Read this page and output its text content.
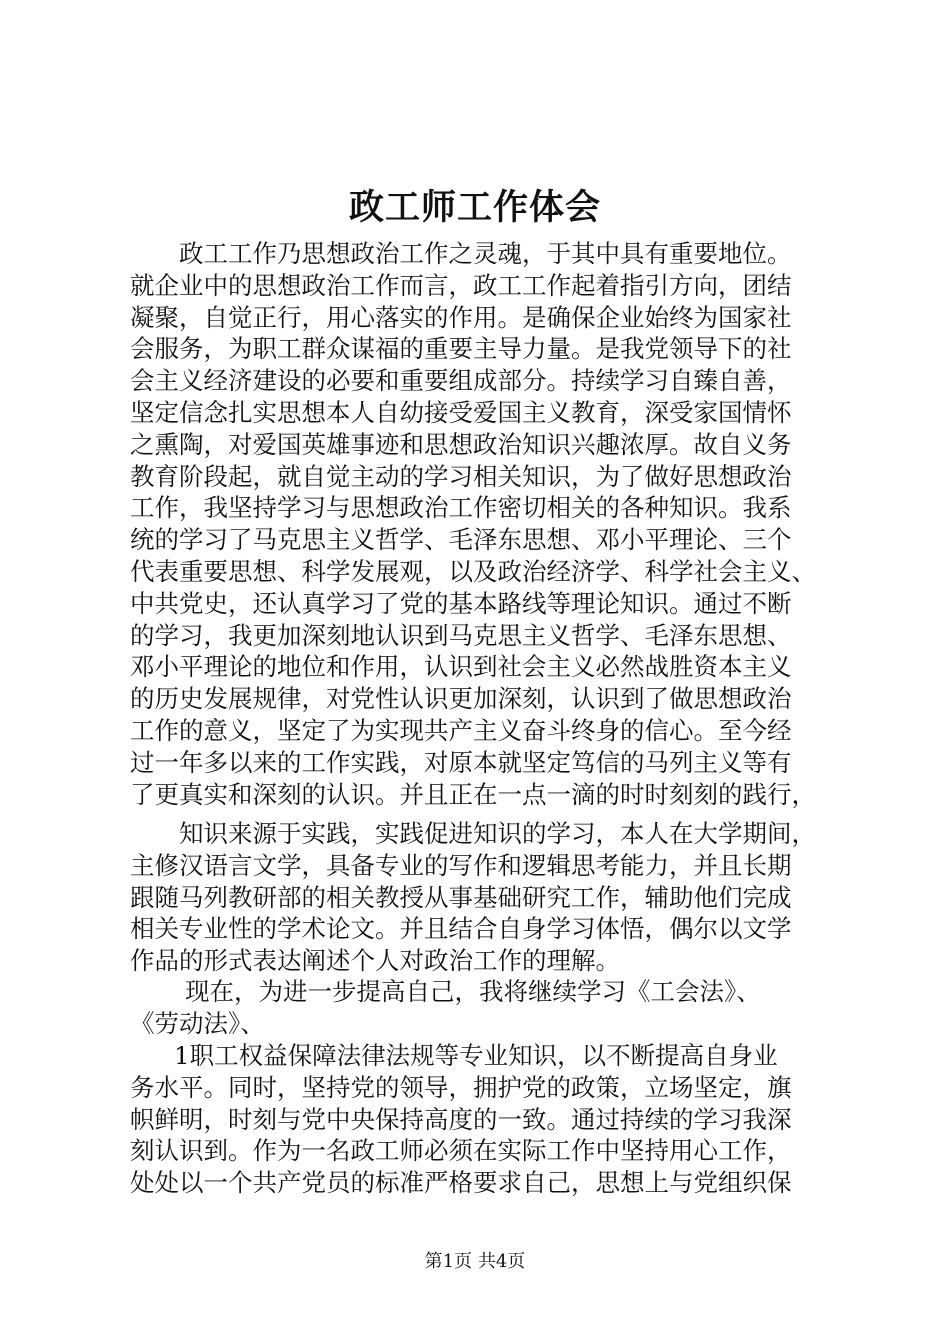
政工师工作体会
政工工作乃思想政治工作之灵魂，于其中具有重要地位。
就企业中的思想政治工作而言，政工工作起着指引方向，团结
凝聚，自觉正行，用心落实的作用。是确保企业始终为国家社
会服务，为职工群众谋福的重要主导力量。是我党领导下的社
会主义经济建设的必要和重要组成部分。持续学习自臻自善，
坚定信念扎实思想本人自幼接受爱国主义教育，深受家国情怀
之熏陶，对爱国英雄事迹和思想政治知识兴趣浓厚。故自义务
教育阶段起，就自觉主动的学习相关知识，为了做好思想政治
工作，我坚持学习与思想政治工作密切相关的各种知识。我系
统的学习了马克思主义哲学、毛泽东思想、邓小平理论、三个
代表重要思想、科学发展观，以及政治经济学、科学社会主义、
中共党史，还认真学习了党的基本路线等理论知识。通过不断
的学习，我更加深刻地认识到马克思主义哲学、毛泽东思想、
邓小平理论的地位和作用，认识到社会主义必然战胜资本主义
的历史发展规律，对党性认识更加深刻，认识到了做思想政治
工作的意义，坚定了为实现共产主义奋斗终身的信心。至今经
过一年多以来的工作实践，对原本就坚定笃信的马列主义等有
了更真实和深刻的认识。并且正在一点一滴的时时刻刻的践行，
知识来源于实践，实践促进知识的学习，本人在大学期间，
主修汉语言文学，具备专业的写作和逻辑思考能力，并且长期
跟随马列教研部的相关教授从事基础研究工作，辅助他们完成
相关专业性的学术论文。并且结合自身学习体悟，偶尔以文学
作品的形式表达阐述个人对政治工作的理解。
现在，为进一步提高自己，我将继续学习《工会法》、
《劳动法》、
1职工权益保障法律法规等专业知识，以不断提高自身业
务水平。同时，坚持党的领导，拥护党的政策，立场坚定，旗
帜鲜明，时刻与党中央保持高度的一致。通过持续的学习我深
刻认识到。作为一名政工师必须在实际工作中坚持用心工作，
处处以一个共产党员的标准严格要求自己，思想上与党组织保
第1页 共4页
